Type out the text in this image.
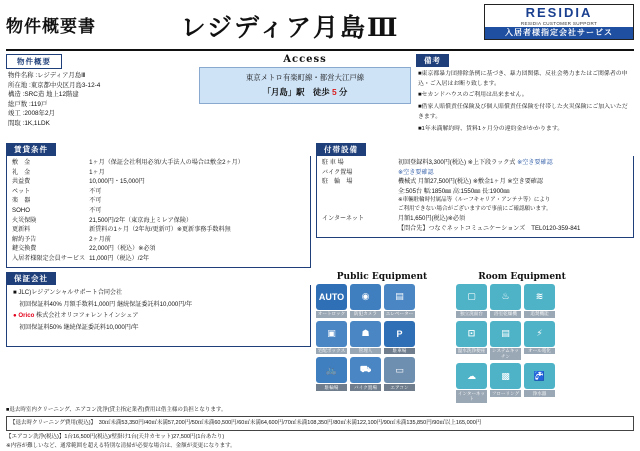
物件概要書	レジディア月島Ⅲ
RESIDIA
RESIDIA CUSTOMER SUPPORT
入居者様指定会社サービス
物件概要
物件名称 :レジディア月島Ⅲ
所在地 :東京都中央区月島3-12-4
構造 :SRC造 地上12階建
総戸数 :119戸
竣工 :2008年2月
間取 :1K,1LDK
Access
東京メトロ有楽町線・都営大江戸線
「月島」駅　徒歩 5 分
備考

■東京都暴力団排除条例に基づき、暴力団関係、反社会勢力またはご関係者の申込・ご入居はお断り致します。

■セカンドハウスのご利用は出来ません。

■借家人賠償責任保険及び個人賠償責任保険を付帯した火災保険にご加入いただきます。

■1年未満解約時、賃料1ヶ月分の違約金がかかります。

賃貸条件
敷　金	1ヶ月（保証会社利用必須/大手法人の場合は敷金2ヶ月）
礼　金	1ヶ月
共益費	10,000円・15,000円
ペット	不可
楽　器	不可
SOHO	不可
火災保険	21,500円/2年（東京海上ミレア保険）
更新料	新賃料の1ヶ月（2年毎/更新可）※更新事務手数料無
解約予告	2ヶ月前
鍵交換費	22,000円（税込）※必須
入居者様限定会員サービス	11,000円（税込）/2年
付帯設備
駐 車 場	初回登録料3,300円(税込) ※上下段ラック式 ※空き要確認
バイク置場	※空き要確認
駐　輪　場	機械式 月額27,500円(税込) ※敷金1ヶ月 ※空き要確認
	全:505台 幅:1850㎜ 高:1550㎜ 長:1900㎜
	※車輛駐輪時付属品等（ルーフキャリア・アンテナ等）により
	ご利用できない場合がございますので事前にご確認願います。
インターネット	月額1,650円(税込)※必須
	【問合先】つなぐネットコミュニケーションズ　TEL0120-359-841
保証会社
■ JLC)レジデンシャルサポート合同会社
　初回保証料40% 月額手数料1,000円 継続保証委託料10,000円/年
● Orico 株式会社オリコフォレントインシュア
　初回保証料50% 継続保証委託料10,000円/年
Public Equipment
AUTO
オートロック
◉
防犯カメラ
▤
エレベーター
▣
宅配ボックス
☗
管理人
P
駐車場
🚲
駐輪場
⛟
バイク置場
▭
エアコン
Room Equipment
▢
独立洗面台
♨
浴室乾燥機
≋
追焚機能
⊡
温水洗浄便座
▤
システムキッチン
⚡
オール電化
☁
インターネット
▩
フローリング
🚰
浄水器

■退去時室内クリーニング、エアコン洗浄(貸主指定業者)費用は借主様の負担となります。

【退去時クリーニング費用(税込)】　30㎡未満53,350円/40㎡未満57,200円/50㎡未満60,500円/60㎡未満64,600円/70㎡未満108,350円/80㎡未満122,100円/90㎡未満135,850円/90㎡以上165,000円

【エアコン洗浄(税込)】1台16,500円(税込)/壁掛け1台(天井カセット)27,500円(1台あたり)

※内容が難しいなど、通常範囲を超える特別な清掃が必要な場合は、金額が変更になります。
